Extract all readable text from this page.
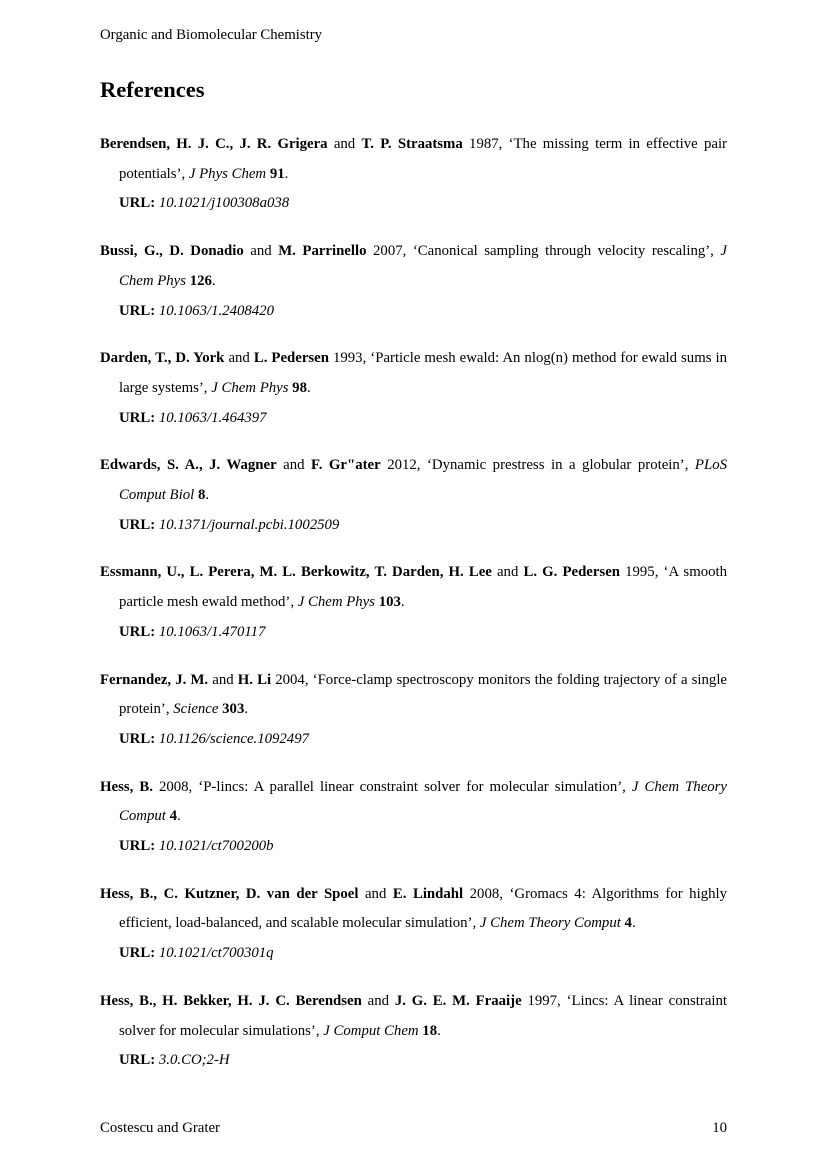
Organic and Biomolecular Chemistry

References

Berendsen, H. J. C., J. R. Grigera and T. P. Straatsma 1987, ‘The missing term in effective pair potentials’, J Phys Chem 91.

URL: 10.1021/j100308a038

Bussi, G., D. Donadio and M. Parrinello 2007, ‘Canonical sampling through velocity rescaling’, J Chem Phys 126.

URL: 10.1063/1.2408420

Darden, T., D. York and L. Pedersen 1993, ‘Particle mesh ewald: An nlog(n) method for ewald sums in large systems’, J Chem Phys 98.

URL: 10.1063/1.464397

Edwards, S. A., J. Wagner and F. Gr"ater 2012, ‘Dynamic prestress in a globular protein’, PLoS Comput Biol 8.

URL: 10.1371/journal.pcbi.1002509

Essmann, U., L. Perera, M. L. Berkowitz, T. Darden, H. Lee and L. G. Pedersen 1995, ‘A smooth particle mesh ewald method’, J Chem Phys 103.

URL: 10.1063/1.470117

Fernandez, J. M. and H. Li 2004, ‘Force-clamp spectroscopy monitors the folding trajectory of a single protein’, Science 303.

URL: 10.1126/science.1092497

Hess, B. 2008, ‘P-lincs: A parallel linear constraint solver for molecular simulation’, J Chem Theory Comput 4.

URL: 10.1021/ct700200b

Hess, B., C. Kutzner, D. van der Spoel and E. Lindahl 2008, ‘Gromacs 4: Algorithms for highly efficient, load-balanced, and scalable molecular simulation’, J Chem Theory Comput 4.

URL: 10.1021/ct700301q

Hess, B., H. Bekker, H. J. C. Berendsen and J. G. E. M. Fraaije 1997, ‘Lincs: A linear constraint solver for molecular simulations’, J Comput Chem 18.

URL: 3.0.CO;2-H

Costescu and Grater	10
